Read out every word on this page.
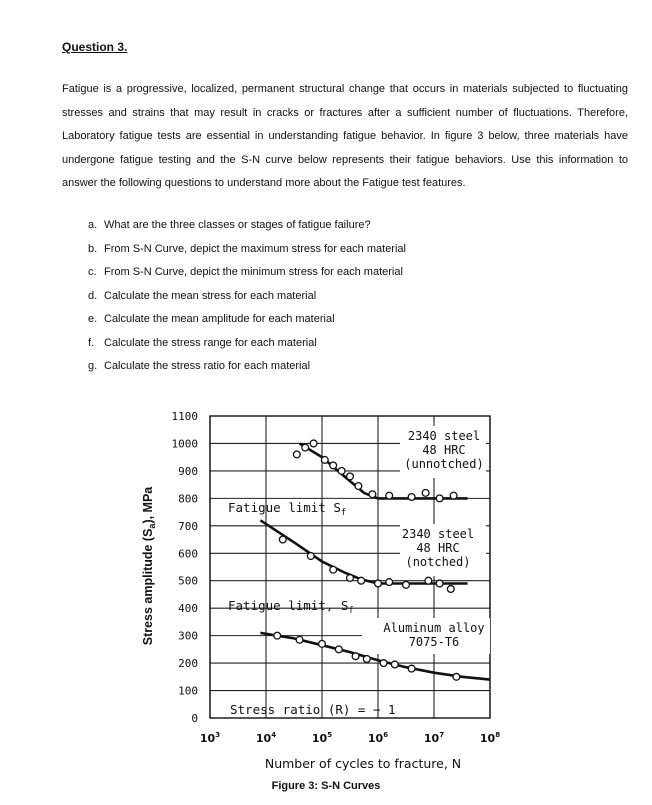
Question 3.
Fatigue is a progressive, localized, permanent structural change that occurs in materials subjected to fluctuating stresses and strains that may result in cracks or fractures after a sufficient number of fluctuations. Therefore, Laboratory fatigue tests are essential in understanding fatigue behavior. In figure 3 below, three materials have undergone fatigue testing and the S-N curve below represents their fatigue behaviors. Use this information to answer the following questions to understand more about the Fatigue test features.
a. What are the three classes or stages of fatigue failure?
b. From S-N Curve, depict the maximum stress for each material
c. From S-N Curve, depict the minimum stress for each material
d. Calculate the mean stress for each material
e. Calculate the mean amplitude for each material
f. Calculate the stress range for each material
g. Calculate the stress ratio for each material
0
100
200
300
400
500
600
700
800
900
1000
1100
$10^3$	$10^4$	$10^5$	$10^6$	$10^7$	$10^8$
2340 steel
48 HRC
(unnotched)
2340 steel
48 HRC
(notched)
Aluminum alloy
7075-T6
Fatigue limit $S_f$
Fatigue limit, $S_f$
Stress ratio (R) = − 1
Number of cycles to fracture, N
Stress amplitude $(S_a)$, MPa
Figure 3: S-N Curves
